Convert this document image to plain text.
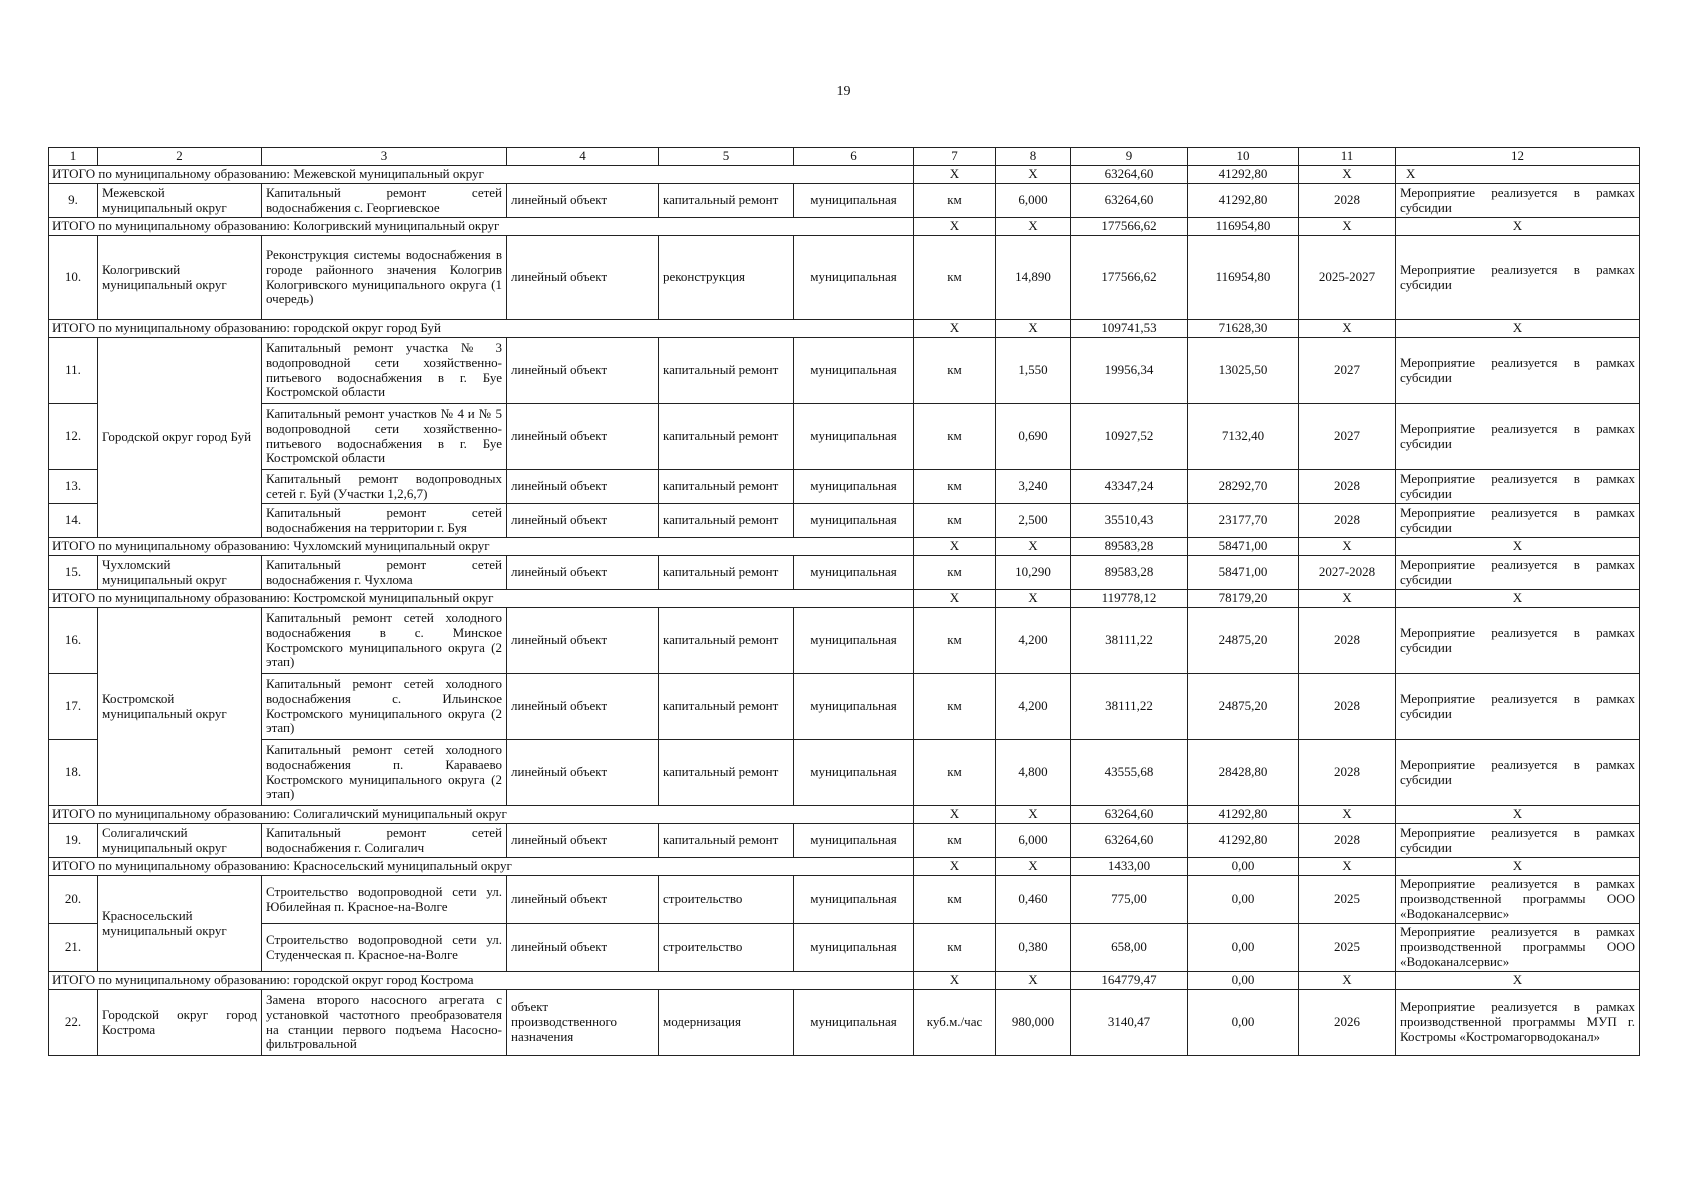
19
1	2	3	4	5	6	7	8	9	10	11	12
ИТОГО по муниципальному образованию: Межевской муниципальный округ						X	X	63264,60	41292,80	X	X
9.	Межевской муниципальный округ	Капитальный ремонт сетей водоснабжения с. Георгиевское	линейный объект	капитальный ремонт	муниципальная	км	6,000	63264,60	41292,80	2028	Мероприятие реализуется в рамках субсидии
ИТОГО по муниципальному образованию: Кологривский муниципальный округ						X	X	177566,62	116954,80	X	X
10.	Кологривский муниципальный округ	Реконструкция системы водоснабжения в городе районного значения Кологрив Кологривского муниципального округа (1 очередь)	линейный объект	реконструкция	муниципальная	км	14,890	177566,62	116954,80	2025-2027	Мероприятие реализуется в рамках субсидии
ИТОГО по муниципальному образованию: городской округ город Буй						X	X	109741,53	71628,30	X	X
11.	Городской округ город Буй	Капитальный ремонт участка № 3 водопроводной сети хозяйственно-питьевого водоснабжения в г. Буе Костромской области	линейный объект	капитальный ремонт	муниципальная	км	1,550	19956,34	13025,50	2027	Мероприятие реализуется в рамках субсидии
12.		Капитальный ремонт участков № 4 и № 5 водопроводной сети хозяйственно-питьевого водоснабжения в г. Буе Костромской области	линейный объект	капитальный ремонт	муниципальная	км	0,690	10927,52	7132,40	2027	Мероприятие реализуется в рамках субсидии
13.		Капитальный ремонт водопроводных сетей г. Буй (Участки 1,2,6,7)	линейный объект	капитальный ремонт	муниципальная	км	3,240	43347,24	28292,70	2028	Мероприятие реализуется в рамках субсидии
14.		Капитальный ремонт сетей водоснабжения на территории г. Буя	линейный объект	капитальный ремонт	муниципальная	км	2,500	35510,43	23177,70	2028	Мероприятие реализуется в рамках субсидии
ИТОГО по муниципальному образованию: Чухломский муниципальный округ						X	X	89583,28	58471,00	X	X
15.	Чухломский муниципальный округ	Капитальный ремонт сетей водоснабжения г. Чухлома	линейный объект	капитальный ремонт	муниципальная	км	10,290	89583,28	58471,00	2027-2028	Мероприятие реализуется в рамках субсидии
ИТОГО по муниципальному образованию: Костромской муниципальный округ						X	X	119778,12	78179,20	X	X
16.	Костромской муниципальный округ	Капитальный ремонт сетей холодного водоснабжения в с. Минское Костромского муниципального округа (2 этап)	линейный объект	капитальный ремонт	муниципальная	км	4,200	38111,22	24875,20	2028	Мероприятие реализуется в рамках субсидии
17.		Капитальный ремонт сетей холодного водоснабжения с. Ильинское Костромского муниципального округа (2 этап)	линейный объект	капитальный ремонт	муниципальная	км	4,200	38111,22	24875,20	2028	Мероприятие реализуется в рамках субсидии
18.		Капитальный ремонт сетей холодного водоснабжения п. Караваево Костромского муниципального округа (2 этап)	линейный объект	капитальный ремонт	муниципальная	км	4,800	43555,68	28428,80	2028	Мероприятие реализуется в рамках субсидии
ИТОГО по муниципальному образованию: Солигаличский муниципальный округ						X	X	63264,60	41292,80	X	X
19.	Солигаличский муниципальный округ	Капитальный ремонт сетей водоснабжения г. Солигалич	линейный объект	капитальный ремонт	муниципальная	км	6,000	63264,60	41292,80	2028	Мероприятие реализуется в рамках субсидии
ИТОГО по муниципальному образованию: Красносельский муниципальный округ						X	X	1433,00	0,00	X	X
20.	Красносельский муниципальный округ	Строительство водопроводной сети ул. Юбилейная п. Красное-на-Волге	линейный объект	строительство	муниципальная	км	0,460	775,00	0,00	2025	Мероприятие реализуется в рамках производственной программы ООО «Водоканалсервис»
21.		Строительство водопроводной сети ул. Студенческая п. Красное-на-Волге	линейный объект	строительство	муниципальная	км	0,380	658,00	0,00	2025	Мероприятие реализуется в рамках производственной программы ООО «Водоканалсервис»
ИТОГО по муниципальному образованию: городской округ город Кострома						X	X	164779,47	0,00	X	X
22.	Городской округ город Кострома	Замена второго насосного агрегата с установкой частотного преобразователя на станции первого подъема Насосно-фильтровальной	объект производственного назначения	модернизация	муниципальная	куб.м./час	980,000	3140,47	0,00	2026	Мероприятие реализуется в рамках производственной программы МУП г. Костромы «Костромагорводоканал»
